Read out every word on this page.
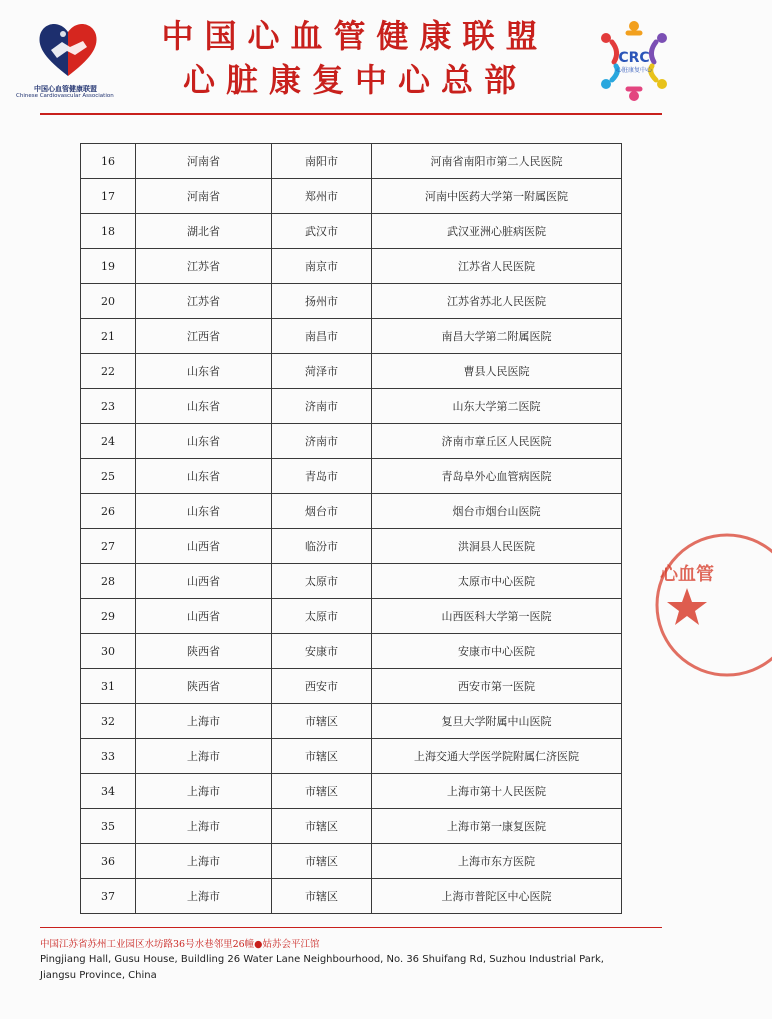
中国心血管健康联盟
Chinese Cardiovascular Association
中国心血管健康联盟
心脏康复中心总部
CRC
心脏康复中心
16	河南省	南阳市	河南省南阳市第二人民医院
17	河南省	郑州市	河南中医药大学第一附属医院
18	湖北省	武汉市	武汉亚洲心脏病医院
19	江苏省	南京市	江苏省人民医院
20	江苏省	扬州市	江苏省苏北人民医院
21	江西省	南昌市	南昌大学第二附属医院
22	山东省	菏泽市	曹县人民医院
23	山东省	济南市	山东大学第二医院
24	山东省	济南市	济南市章丘区人民医院
25	山东省	青岛市	青岛阜外心血管病医院
26	山东省	烟台市	烟台市烟台山医院
27	山西省	临汾市	洪洞县人民医院
28	山西省	太原市	太原市中心医院
29	山西省	太原市	山西医科大学第一医院
30	陕西省	安康市	安康市中心医院
31	陕西省	西安市	西安市第一医院
32	上海市	市辖区	复旦大学附属中山医院
33	上海市	市辖区	上海交通大学医学院附属仁济医院
34	上海市	市辖区	上海市第十人民医院
35	上海市	市辖区	上海市第一康复医院
36	上海市	市辖区	上海市东方医院
37	上海市	市辖区	上海市普陀区中心医院
心血管
中国江苏省苏州工业园区水坊路36号水巷邻里26幢●姑苏会平江馆
Pingjiang Hall, Gusu House, Buildling 26 Water Lane Neighbourhood, No. 36 Shuifang Rd, Suzhou Industrial Park, Jiangsu Province, China
